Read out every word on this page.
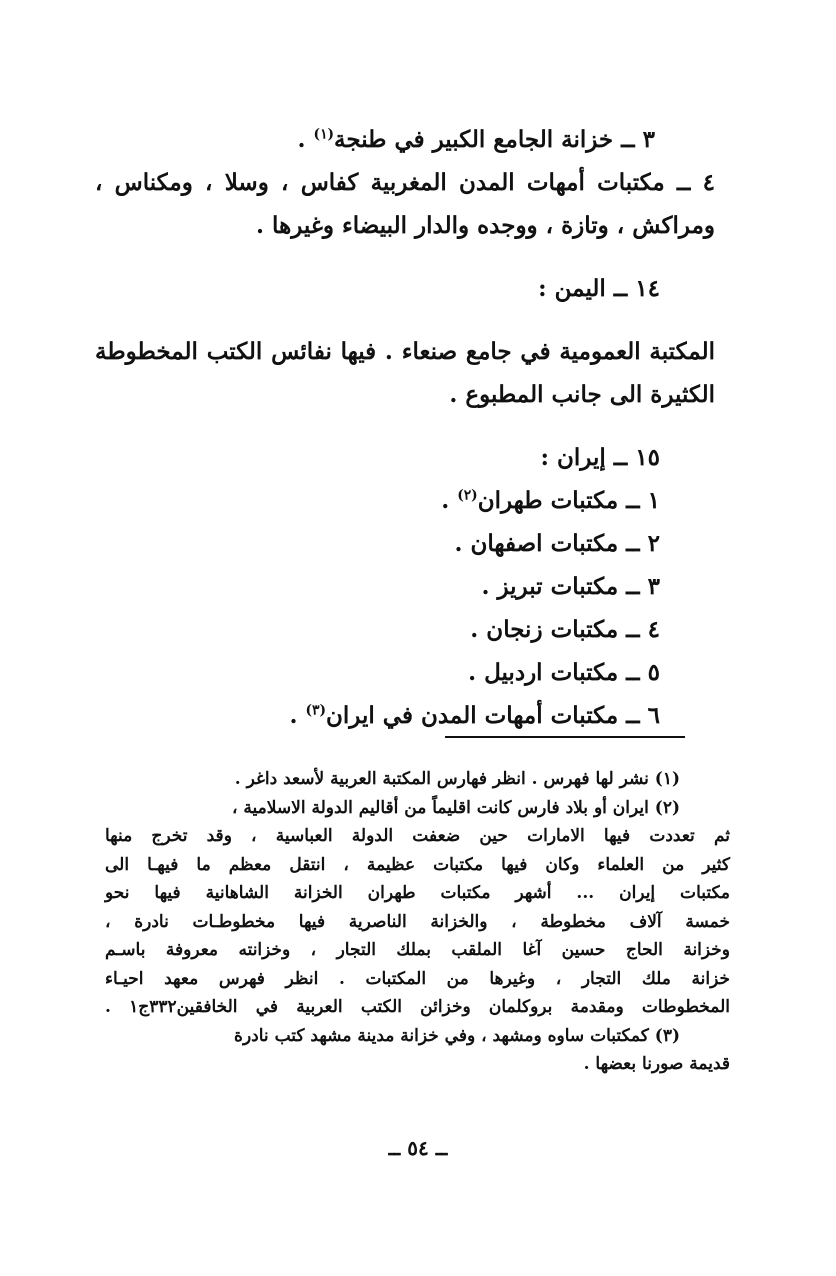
٣ ــ خزانة الجامع الكبير في طنجة$^{(١)}$ .
٤ ــ مكتبات أمهات المدن المغربية كفاس ، وسلا ، ومكناس ،
ومراكش ، وتازة ، ووجده والدار البيضاء وغيرها .
١٤ ــ اليمن :
المكتبة العمومية في جامع صنعاء . فيها نفائس الكتب المخطوطة
الكثيرة الى جانب المطبوع .
١٥ ــ إيران :
١ ــ مكتبات طهران$^{(٢)}$ .
٢ ــ مكتبات اصفهان .
٣ ــ مكتبات تبريز .
٤ ــ مكتبات زنجان .
٥ ــ مكتبات اردبيل .
٦ ــ مكتبات أمهات المدن في ايران$^{(٣)}$ .
(١) نشر لها فهرس . انظر فهارس المكتبة العربية لأسعد داغر .
(٢) ايران أو بلاد فارس كانت اقليماً من أقاليم الدولة الاسلامية ،
ثم تعددت فيها الامارات حين ضعفت الدولة العباسية ، وقد تخرج منها
كثير من العلماء وكان فيها مكتبات عظيمة ، انتقل معظم ما فيهـا الى
مكتبات إيران ... أشهر مكتبات طهران الخزانة الشاهانية فيها نحو
خمسة آلاف مخطوطة ، والخزانة الناصرية فيها مخطوطـات نادرة ،
وخزانة الحاج حسين آغا الملقب بملك التجار ، وخزانته معروفة باسـم
خزانة ملك التجار ، وغيرها من المكتبات . انظر فهرس معهد احيـاء
المخطوطات ومقدمة بروكلمان وخزائن الكتب العربية في الخافقين٣٣٢ج١ .
(٣) كمكتبات ساوه ومشهد ، وفي خزانة مدينة مشهد كتب نادرة
قديمة صورنا بعضها .
ــ ٥٤ ــ
